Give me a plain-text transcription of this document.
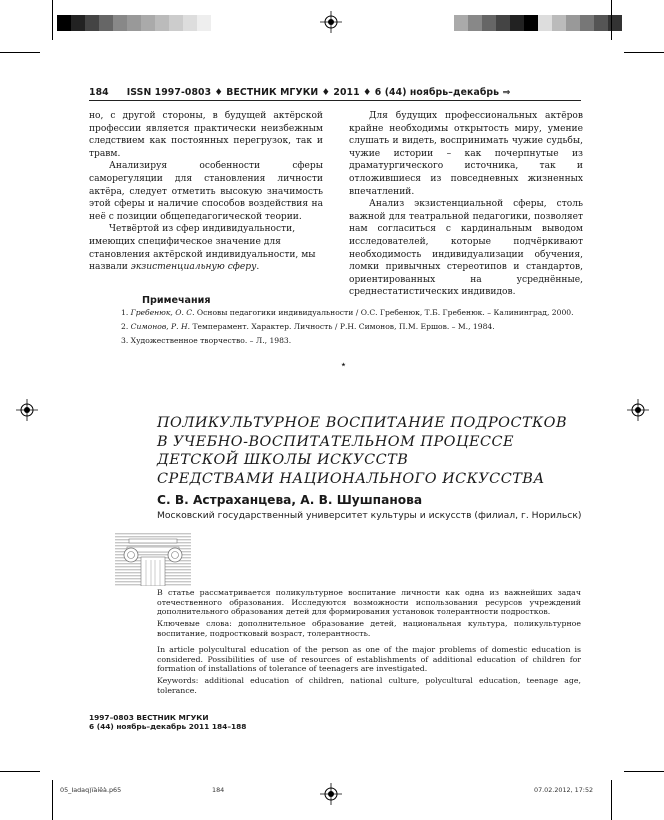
184 ISSN 1997-0803 ♦ ВЕСТНИК МГУКИ ♦ 2011 ♦ 6 (44) ноябрь–декабрь ⇒

но, с другой стороны, в будущей актёрской профессии является практически неизбежным следствием как постоянных перегрузок, так и травм.

Анализируя особенности сферы саморегуляции для становления личности актёра, следует отметить высокую значимость этой сферы и наличие способов воздействия на неё с позиции общепедагогической теории.

Четвёртой из сфер индивидуальности, имеющих специфическое значение для становления актёрской индивидуальности, мы назвали экзистенциальную сферу.

Для будущих профессиональных актёров крайне необходимы открытость миру, умение слушать и видеть, воспринимать чужие судьбы, чужие истории – как почерпнутые из драматургического источника, так и отложившиеся из повседневных жизненных впечатлений.

Анализ экзистенциальной сферы, столь важной для театральной педагогики, позволяет нам согласиться с кардинальным выводом исследователей, которые подчёркивают необходимость индивидуализации обучения, ломки привычных стереотипов и стандартов, ориентированных на усреднённые, среднестатистических индивидов.

Примечания
1. Гребенюк, О. С. Основы педагогики индивидуальности / О.С. Гребенюк, Т.Б. Гребенюк. – Калининград, 2000.
2. Симонов, Р. Н. Темперамент. Характер. Личность / Р.Н. Симонов, П.М. Ершов. – М., 1984.
3. Художественное творчество. – Л., 1983.
⋆
ПОЛИКУЛЬТУРНОЕ ВОСПИТАНИЕ ПОДРОСТКОВ
В УЧЕБНО-ВОСПИТАТЕЛЬНОМ ПРОЦЕССЕ
ДЕТСКОЙ ШКОЛЫ ИСКУССТВ
СРЕДСТВАМИ НАЦИОНАЛЬНОГО ИСКУССТВА
С. В. Астраханцева, А. В. Шушпанова
Московский государственный университет культуры и искусств (филиал, г. Норильск)
В статье рассматривается поликультурное воспитание личности как одна из важнейших задач отечественного образования. Исследуются возможности использования ресурсов учреждений дополнительного образования детей для формирования установок толерантности подростков.
Ключевые слова: дополнительное образование детей, национальная культура, поликультурное воспитание, подростковый возраст, толерантность.
In article polycultural education of the person as one of the major problems of domestic education is considered. Possibilities of use of resources of establishments of additional education of children for formation of installations of tolerance of teenagers are investigated.
Keywords: additional education of children, national culture, polycultural education, teenage age, tolerance.
1997–0803 ВЕСТНИК МГУКИ
6 (44) ноябрь–декабрь 2011 184–188
05_Iadaq)ïàíêà.p65	184	07.02.2012, 17:52
